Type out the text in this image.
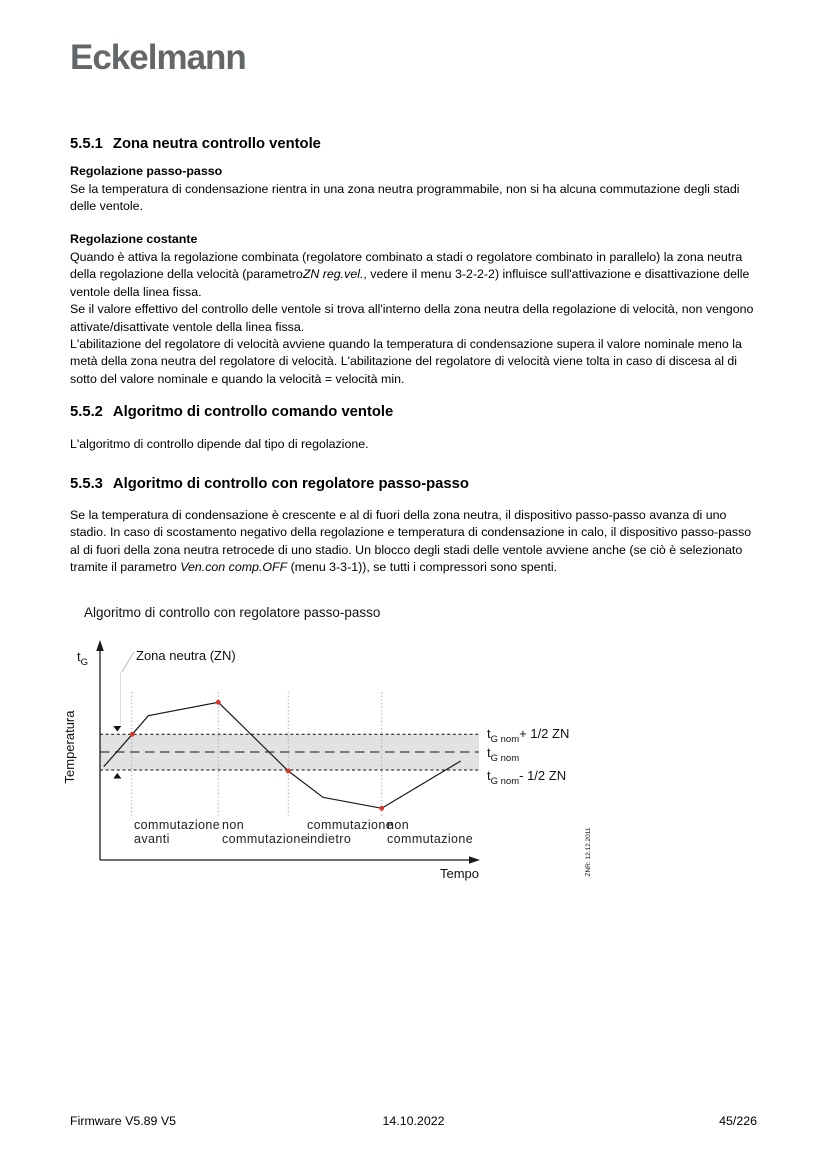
Eckelmann
5.5.1 Zona neutra controllo ventole
Regolazione passo-passo
Se la temperatura di condensazione rientra in una zona neutra programmabile, non si ha alcuna commutazione degli stadi delle ventole.
Regolazione costante
Quando è attiva la regolazione combinata (regolatore combinato a stadi o regolatore combinato in parallelo) la zona neutra della regolazione della velocità (parametroZN reg.vel., vedere il menu 3-2-2-2) influisce sull'attivazione e disattivazione delle ventole della linea fissa.
Se il valore effettivo del controllo delle ventole si trova all'interno della zona neutra della regolazione di velocità, non vengono attivate/disattivate ventole della linea fissa.
L'abilitazione del regolatore di velocità avviene quando la temperatura di condensazione supera il valore nominale meno la metà della zona neutra del regolatore di velocità. L'abilitazione del regolatore di velocità viene tolta in caso di discesa al di sotto del valore nominale e quando la velocità = velocità min.
5.5.2 Algoritmo di controllo comando ventole
L'algoritmo di controllo dipende dal tipo di regolazione.
5.5.3 Algoritmo di controllo con regolatore passo-passo
Se la temperatura di condensazione è crescente e al di fuori della zona neutra, il dispositivo passo-passo avanza di uno stadio. In caso di scostamento negativo della regolazione e temperatura di condensazione in calo, il dispositivo passo-passo al di fuori della zona neutra retrocede di uno stadio. Un blocco degli stadi delle ventole avviene anche (se ciò è selezionato tramite il parametro Ven.con comp.OFF (menu 3-3-1)), se tutti i compressori sono spenti.
Algoritmo di controllo con regolatore passo-passo
$t_G$
Temperatura
Tempo
Zona neutra (ZN)
$t_{G nom}+ 1/2$ ZN
$t_{G nom}$
$t_{G nom}-$ 1/2 ZN
commutazione
avanti
non
commutazione
commutazione
indietro
non
commutazione	ZNR: 12.12.2011
Firmware V5.89 V5	14.10.2022	45/226
